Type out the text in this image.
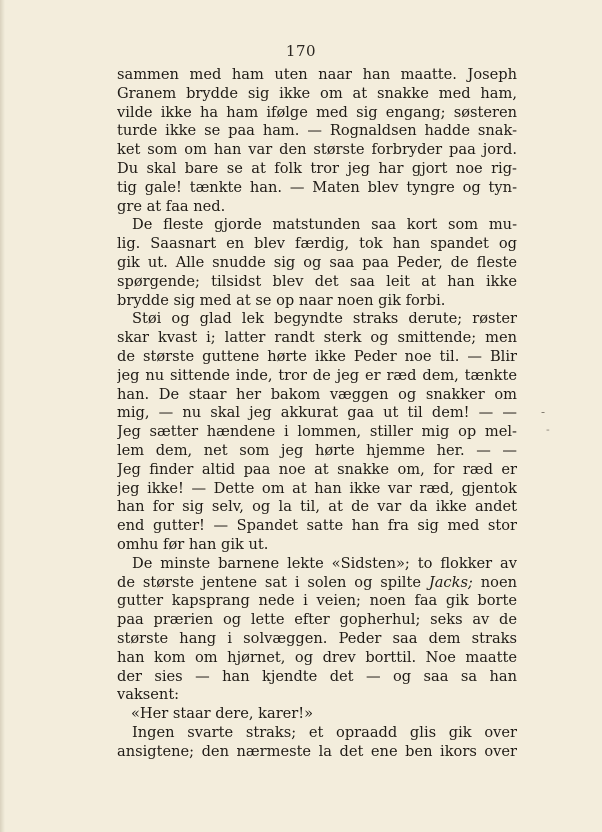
170
sammen med ham uten naar han maatte. Joseph
Granem brydde sig ikke om at snakke med ham,
vilde ikke ha ham ifølge med sig engang; søsteren
turde ikke se paa ham. — Rognaldsen hadde snak-
ket som om han var den største forbryder paa jord.
Du skal bare se at folk tror jeg har gjort noe rig-
tig gale! tænkte han. — Maten blev tyngre og tyn-
gre at faa ned.
De fleste gjorde matstunden saa kort som mu-
lig. Saasnart en blev færdig, tok han spandet og
gik ut. Alle snudde sig og saa paa Peder, de fleste
spørgende; tilsidst blev det saa leit at han ikke
brydde sig med at se op naar noen gik forbi.
Støi og glad lek begyndte straks derute; røster
skar kvast i; latter randt sterk og smittende; men
de største guttene hørte ikke Peder noe til. — Blir
jeg nu sittende inde, tror de jeg er ræd dem, tænkte
han. De staar her bakom væggen og snakker om
mig, — nu skal jeg akkurat gaa ut til dem! — —
Jeg sætter hændene i lommen, stiller mig op mel-
lem dem, net som jeg hørte hjemme her. — —
Jeg finder altid paa noe at snakke om, for ræd er
jeg ikke! — Dette om at han ikke var ræd, gjentok
han for sig selv, og la til, at de var da ikke andet
end gutter! — Spandet satte han fra sig med stor
omhu før han gik ut.
De minste barnene lekte «Sidsten»; to flokker av
de største jentene sat i solen og spilte Jacks; noen
gutter kapsprang nede i veien; noen faa gik borte
paa prærien og lette efter gopherhul; seks av de
største hang i solvæggen. Peder saa dem straks
han kom om hjørnet, og drev borttil. Noe maatte
der sies — han kjendte det — og saa sa han
vaksent:
«Her staar dere, karer!»
Ingen svarte straks; et opraadd glis gik over
ansigtene; den nærmeste la det ene ben ikors over
-
-
